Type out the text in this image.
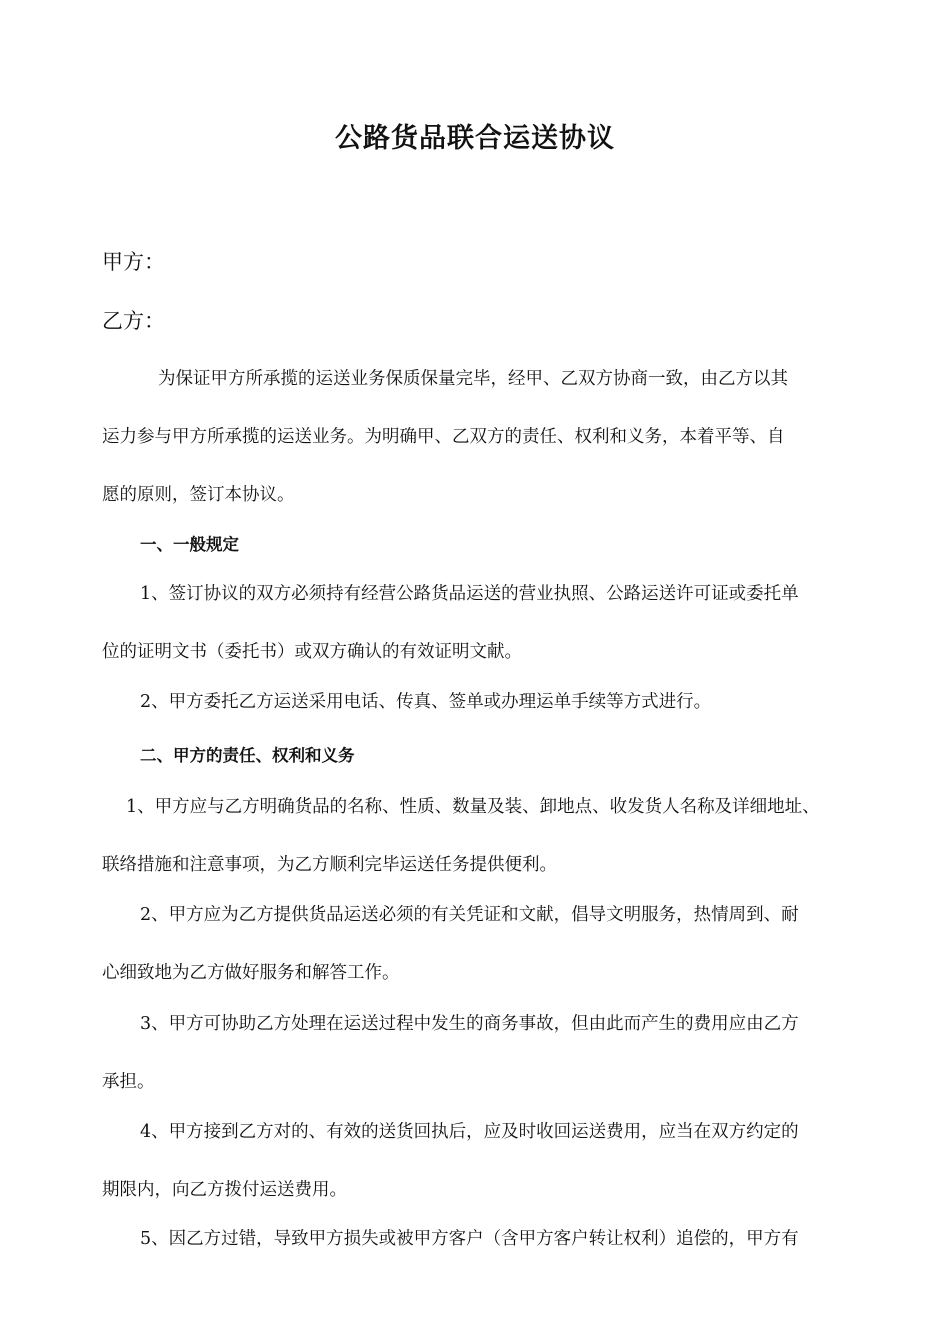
公路货品联合运送协议
甲方：
乙方：
为保证甲方所承揽的运送业务保质保量完毕，经甲、乙双方协商一致，由乙方以其
运力参与甲方所承揽的运送业务。为明确甲、乙双方的责任、权利和义务，本着平等、自
愿的原则，签订本协议。
一、一般规定
1、签订协议的双方必须持有经营公路货品运送的营业执照、公路运送许可证或委托单
位的证明文书（委托书）或双方确认的有效证明文献。
2、甲方委托乙方运送采用电话、传真、签单或办理运单手续等方式进行。
二、甲方的责任、权利和义务
1、甲方应与乙方明确货品的名称、性质、数量及装、卸地点、收发货人名称及详细地址、
联络措施和注意事项，为乙方顺利完毕运送任务提供便利。
2、甲方应为乙方提供货品运送必须的有关凭证和文献，倡导文明服务，热情周到、耐
心细致地为乙方做好服务和解答工作。
3、甲方可协助乙方处理在运送过程中发生的商务事故，但由此而产生的费用应由乙方
承担。
4、甲方接到乙方对的、有效的送货回执后，应及时收回运送费用，应当在双方约定的
期限内，向乙方拨付运送费用。
5、因乙方过错，导致甲方损失或被甲方客户（含甲方客户转让权利）追偿的，甲方有
